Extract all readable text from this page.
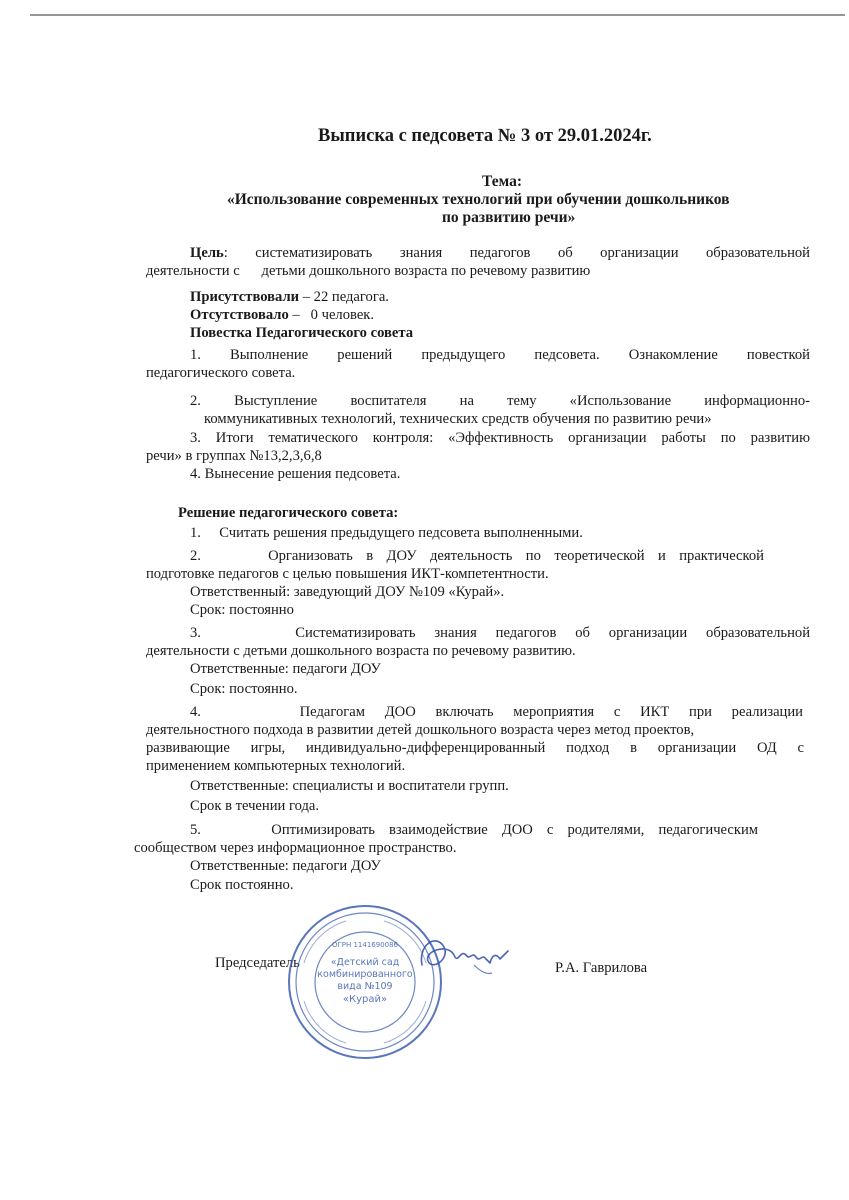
Выписка с педсовета № 3 от 29.01.2024г.
Тема:
«Использование современных технологий при обучении дошкольников
по развитию речи»
Цель: систематизировать знания педагогов об организации образовательной
деятельности с      детьми дошкольного возраста по речевому развитию
Присутствовали – 22 педагога.
Отсутствовало –   0 человек.
Повестка Педагогического совета
1. Выполнение решений предыдущего педсовета. Ознакомление повесткой
педагогического совета.
2. Выступление воспитателя на тему «Использование информационно-
коммуникативных технологий, технических средств обучения по развитию речи»
3. Итоги тематического контроля: «Эффективность организации работы по развитию
речи» в группах №13,2,3,6,8
4. Вынесение решения педсовета.
Решение педагогического совета:
1.     Считать решения предыдущего педсовета выполненными.
2.     Организовать в ДОУ деятельность по теоретической и практической
подготовке педагогов с целью повышения ИКТ-компетентности.
Ответственный: заведующий ДОУ №109 «Курай».
Срок: постоянно
3.     Систематизировать знания педагогов об организации образовательной
деятельности с детьми дошкольного возраста по речевому развитию.
Ответственные: педагоги ДОУ
Срок: постоянно.
4.     Педагогам ДОО включать мероприятия с ИКТ при реализации
деятельностного подхода в развитии детей дошкольного возраста через метод проектов,
развивающие игры, индивидуально-дифференцированный подход в организации ОД с
применением компьютерных технологий.
Ответственные: специалисты и воспитатели групп.
Срок в течении года.
5.     Оптимизировать взаимодействие ДОО с родителями, педагогическим
сообществом через информационное пространство.
Ответственные: педагоги ДОУ
Срок постоянно.
Председатель	Р.А. Гаврилова
ОГРН 1141690086
«Детский сад
комбинированного
вида №109
«Курай»
